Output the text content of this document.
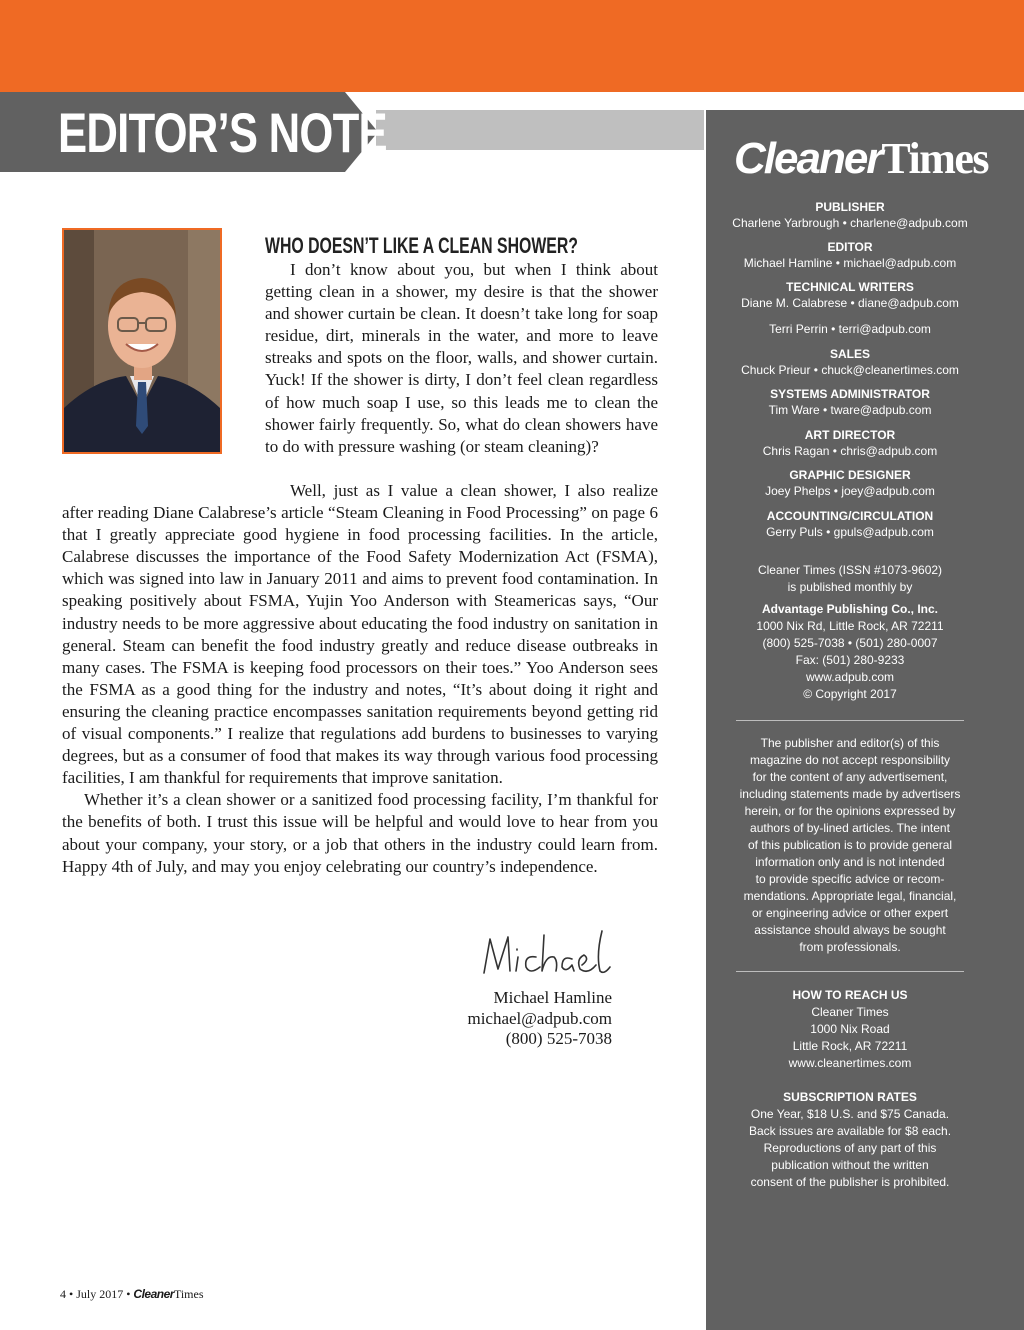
EDITOR’S NOTE
WHO DOESN’T LIKE A CLEAN SHOWER?

I don’t know about you, but when I think about getting clean in a shower, my desire is that the shower and shower curtain be clean. It doesn’t take long for soap residue, dirt, minerals in the water, and more to leave streaks and spots on the floor, walls, and shower curtain. Yuck! If the shower is dirty, I don’t feel clean regardless of how much soap I use, so this leads me to clean the shower fairly frequently. So, what do clean showers have to do with pressure washing (or steam cleaning)?

Well, just as I value a clean shower, I also realize after reading Diane Calabrese’s article “Steam Cleaning in Food Processing” on page 6 that I greatly appreciate good hygiene in food processing facilities. In the article, Calabrese discusses the importance of the Food Safety Modernization Act (FSMA), which was signed into law in January 2011 and aims to prevent food contamination. In speaking positively about FSMA, Yujin Yoo Anderson with Steamericas says, “Our industry needs to be more aggressive about educating the food industry on sanitation in general. Steam can benefit the food industry greatly and reduce disease outbreaks in many cases. The FSMA is keeping food processors on their toes.” Yoo Anderson sees the FSMA as a good thing for the industry and notes, “It’s about doing it right and ensuring the cleaning practice encompasses sanitation requirements beyond getting rid of visual components.” I realize that regulations add burdens to businesses to varying degrees, but as a consumer of food that makes its way through various food processing facilities, I am thankful for requirements that improve sanitation.

Whether it’s a clean shower or a sanitized food processing facility, I’m thankful for the benefits of both. I trust this issue will be helpful and would love to hear from you about your company, your story, or a job that others in the industry could learn from. Happy 4th of July, and may you enjoy celebrating our country’s independence.

Michael Hamline
michael@adpub.com
(800) 525-7038
CleanerTimes
PUBLISHER
Charlene Yarbrough • charlene@adpub.com
EDITOR
Michael Hamline • michael@adpub.com
TECHNICAL WRITERS
Diane M. Calabrese • diane@adpub.com
Terri Perrin • terri@adpub.com
SALES
Chuck Prieur • chuck@cleanertimes.com
SYSTEMS ADMINISTRATOR
Tim Ware • tware@adpub.com
ART DIRECTOR
Chris Ragan • chris@adpub.com
GRAPHIC DESIGNER
Joey Phelps • joey@adpub.com
ACCOUNTING/CIRCULATION
Gerry Puls • gpuls@adpub.com
Cleaner Times (ISSN #1073-9602)
is published monthly by
Advantage Publishing Co., Inc.
1000 Nix Rd, Little Rock, AR 72211
(800) 525-7038 • (501) 280-0007
Fax: (501) 280-9233
www.adpub.com
© Copyright 2017
The publisher and editor(s) of this
magazine do not accept responsibility
for the content of any advertisement,
including statements made by advertisers
herein, or for the opinions expressed by
authors of by-lined articles. The intent
of this publication is to provide general
information only and is not intended
to provide specific advice or recom-
mendations. Appropriate legal, financial,
or engineering advice or other expert
assistance should always be sought
from professionals.
HOW TO REACH US
Cleaner Times
1000 Nix Road
Little Rock, AR 72211
www.cleanertimes.com
SUBSCRIPTION RATES
One Year, $18 U.S. and $75 Canada.
Back issues are available for $8 each.
Reproductions of any part of this
publication without the written
consent of the publisher is prohibited.
4 • July 2017 • CleanerTimes
